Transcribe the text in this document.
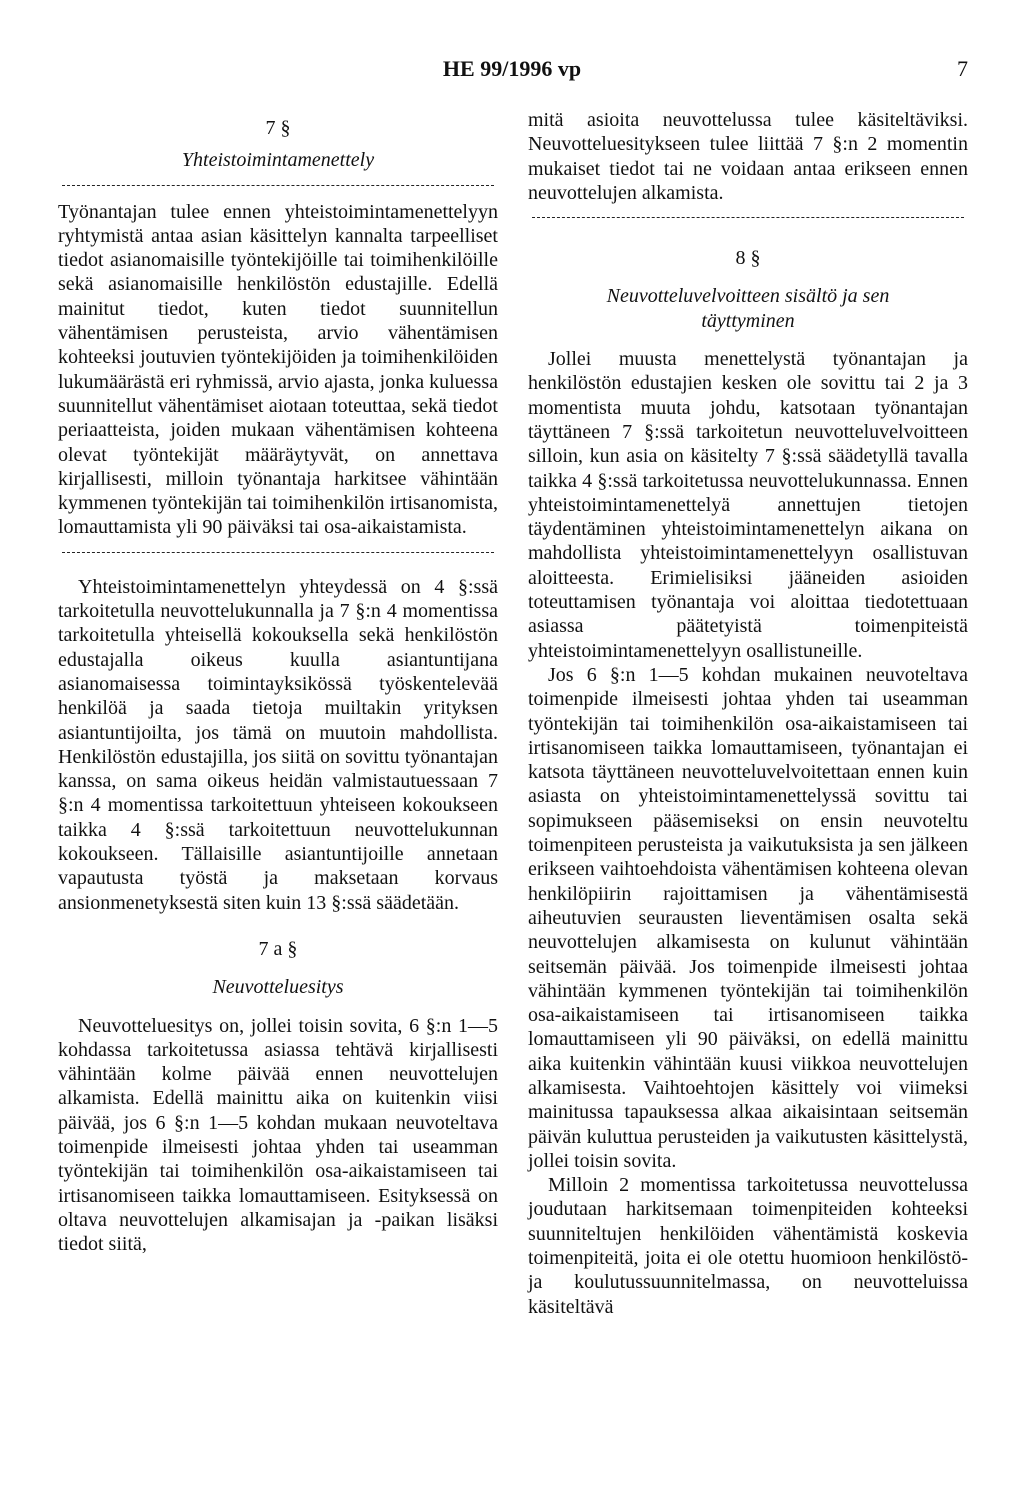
HE 99/1996 vp	7
7 §
Yhteistoimintamenettely

Työnantajan tulee ennen yhteistoimintamenettelyyn ryhtymistä antaa asian käsittelyn kannalta tarpeelliset tiedot asianomaisille työntekijöille tai toimihenkilöille sekä asianomaisille henkilöstön edustajille. Edellä mainitut tiedot, kuten tiedot suunnitellun vähentämisen perusteista, arvio vähentämisen kohteeksi joutuvien työntekijöiden ja toimihenkilöiden lukumäärästä eri ryhmissä, arvio ajasta, jonka kuluessa suunnitellut vähentämiset aiotaan toteuttaa, sekä tiedot periaatteista, joiden mukaan vähentämisen kohteena olevat työntekijät määräytyvät, on annettava kirjallisesti, milloin työnantaja harkitsee vähintään kymmenen työntekijän tai toimihenkilön irtisanomista, lomauttamista yli 90 päiväksi tai osa-aikaistamista.

Yhteistoimintamenettelyn yhteydessä on 4 §:ssä tarkoitetulla neuvottelukunnalla ja 7 §:n 4 momentissa tarkoitetulla yhteisellä kokouksella sekä henkilöstön edustajalla oikeus kuulla asiantuntijana asianomaisessa toimintayksikössä työskentelevää henkilöä ja saada tietoja muiltakin yrityksen asiantuntijoilta, jos tämä on muutoin mahdollista. Henkilöstön edustajilla, jos siitä on sovittu työnantajan kanssa, on sama oikeus heidän valmistautuessaan 7 §:n 4 momentissa tarkoitettuun yhteiseen kokoukseen taikka 4 §:ssä tarkoitettuun neuvottelukunnan kokoukseen. Tällaisille asiantuntijoille annetaan vapautusta työstä ja maksetaan korvaus ansionmenetyksestä siten kuin 13 §:ssä säädetään.

7 a §
Neuvotteluesitys

Neuvotteluesitys on, jollei toisin sovita, 6 §:n 1—5 kohdassa tarkoitetussa asiassa tehtävä kirjallisesti vähintään kolme päivää ennen neuvottelujen alkamista. Edellä mainittu aika on kuitenkin viisi päivää, jos 6 §:n 1—5 kohdan mukaan neuvoteltava toimenpide ilmeisesti johtaa yhden tai useamman työntekijän tai toimihenkilön osa-aikaistamiseen tai irtisanomiseen taikka lomauttamiseen. Esityksessä on oltava neuvottelujen alkamisajan ja -paikan lisäksi tiedot siitä,

mitä asioita neuvottelussa tulee käsiteltäviksi. Neuvotteluesitykseen tulee liittää 7 §:n 2 momentin mukaiset tiedot tai ne voidaan antaa erikseen ennen neuvottelujen alkamista.

8 §
Neuvotteluvelvoitteen sisältö ja sen
täyttyminen

Jollei muusta menettelystä työnantajan ja henkilöstön edustajien kesken ole sovittu tai 2 ja 3 momentista muuta johdu, katsotaan työnantajan täyttäneen 7 §:ssä tarkoitetun neuvotteluvelvoitteen silloin, kun asia on käsitelty 7 §:ssä säädetyllä tavalla taikka 4 §:ssä tarkoitetussa neuvottelukunnassa. Ennen yhteistoimintamenettelyä annettujen tietojen täydentäminen yhteistoimintamenettelyn aikana on mahdollista yhteistoimintamenettelyyn osallistuvan aloitteesta. Erimielisiksi jääneiden asioiden toteuttamisen työnantaja voi aloittaa tiedotettuaan asiassa päätetyistä toimenpiteistä yhteistoimintamenettelyyn osallistuneille.

Jos 6 §:n 1—5 kohdan mukainen neuvoteltava toimenpide ilmeisesti johtaa yhden tai useamman työntekijän tai toimihenkilön osa-aikaistamiseen tai irtisanomiseen taikka lomauttamiseen, työnantajan ei katsota täyttäneen neuvotteluvelvoitettaan ennen kuin asiasta on yhteistoimintamenettelyssä sovittu tai sopimukseen pääsemiseksi on ensin neuvoteltu toimenpiteen perusteista ja vaikutuksista ja sen jälkeen erikseen vaihtoehdoista vähentämisen kohteena olevan henkilöpiirin rajoittamisen ja vähentämisestä aiheutuvien seurausten lieventämisen osalta sekä neuvottelujen alkamisesta on kulunut vähintään seitsemän päivää. Jos toimenpide ilmeisesti johtaa vähintään kymmenen työntekijän tai toimihenkilön osa-aikaistamiseen tai irtisanomiseen taikka lomauttamiseen yli 90 päiväksi, on edellä mainittu aika kuitenkin vähintään kuusi viikkoa neuvottelujen alkamisesta. Vaihtoehtojen käsittely voi viimeksi mainitussa tapauksessa alkaa aikaisintaan seitsemän päivän kuluttua perusteiden ja vaikutusten käsittelystä, jollei toisin sovita.

Milloin 2 momentissa tarkoitetussa neuvottelussa joudutaan harkitsemaan toimenpiteiden kohteeksi suunniteltujen henkilöiden vähentämistä koskevia toimenpiteitä, joita ei ole otettu huomioon henkilöstö- ja koulutussuunnitelmassa, on neuvotteluissa käsiteltävä
